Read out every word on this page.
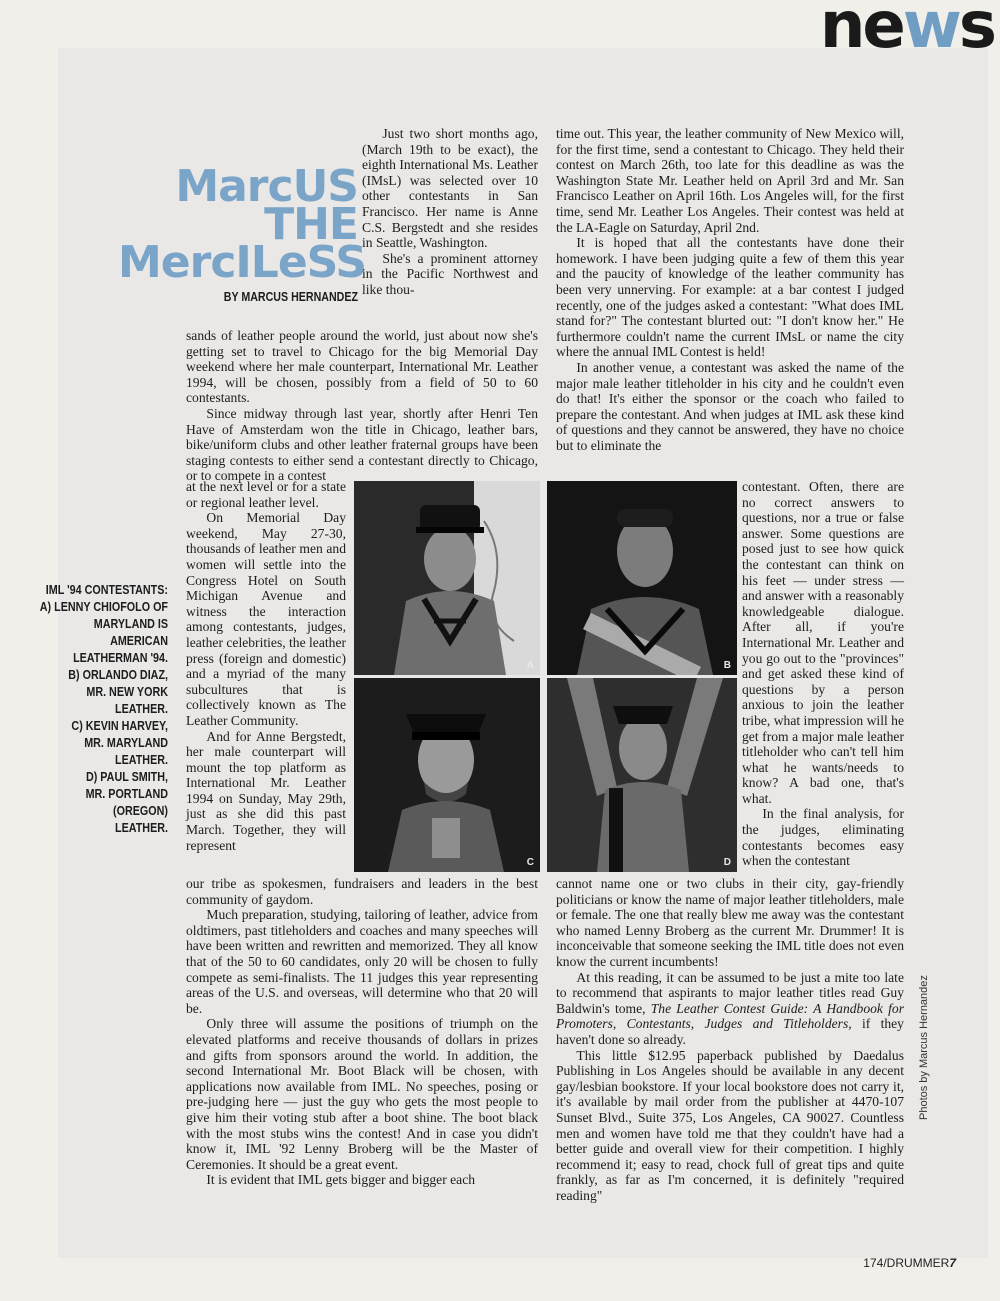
news
MarcUS
THE
MercILeSS
BY MARCUS HERNANDEZ
IML '94 CONTESTANTS:
A) LENNY CHIOFOLO OF
MARYLAND IS AMERICAN
LEATHERMAN '94.
B) ORLANDO DIAZ,
MR. NEW YORK LEATHER.
C) KEVIN HARVEY,
MR. MARYLAND LEATHER.
D) PAUL SMITH,
MR. PORTLAND (OREGON)
LEATHER.

Just two short months ago, (March 19th to be exact), the eighth International Ms. Leather (IMsL) was selected over 10 other contestants in San Francisco. Her name is Anne C.S. Bergstedt and she resides in Seattle, Washington.

She's a prominent attorney in the Pacific Northwest and like thou-

sands of leather people around the world, just about now she's getting set to travel to Chicago for the big Memorial Day weekend where her male counterpart, International Mr. Leather 1994, will be chosen, possibly from a field of 50 to 60 contestants.

Since midway through last year, shortly after Henri Ten Have of Amsterdam won the title in Chicago, leather bars, bike/uniform clubs and other leather fraternal groups have been staging contests to either send a contestant directly to Chicago, or to compete in a contest

at the next level or for a state or regional leather level.

On Memorial Day weekend, May 27-30, thousands of leather men and women will settle into the Congress Hotel on South Michigan Avenue and witness the interaction among contestants, judges, leather celebrities, the leather press (foreign and domestic) and a myriad of the many subcultures that is collectively known as The Leather Community.

And for Anne Bergstedt, her male counterpart will mount the top platform as International Mr. Leather 1994 on Sunday, May 29th, just as she did this past March. Together, they will represent

our tribe as spokesmen, fundraisers and leaders in the best community of gaydom.

Much preparation, studying, tailoring of leather, advice from oldtimers, past titleholders and coaches and many speeches will have been written and rewritten and memorized. They all know that of the 50 to 60 candidates, only 20 will be chosen to fully compete as semi-finalists. The 11 judges this year representing areas of the U.S. and overseas, will determine who that 20 will be.

Only three will assume the positions of triumph on the elevated platforms and receive thousands of dollars in prizes and gifts from sponsors around the world. In addition, the second International Mr. Boot Black will be chosen, with applications now available from IML. No speeches, posing or pre-judging here — just the guy who gets the most people to give him their voting stub after a boot shine. The boot black with the most stubs wins the contest! And in case you didn't know it, IML '92 Lenny Broberg will be the Master of Ceremonies. It should be a great event.

It is evident that IML gets bigger and bigger each

time out. This year, the leather community of New Mexico will, for the first time, send a contestant to Chicago. They held their contest on March 26th, too late for this deadline as was the Washington State Mr. Leather held on April 3rd and Mr. San Francisco Leather on April 16th. Los Angeles will, for the first time, send Mr. Leather Los Angeles. Their contest was held at the LA-Eagle on Saturday, April 2nd.

It is hoped that all the contestants have done their homework. I have been judging quite a few of them this year and the paucity of knowledge of the leather community has been very unnerving. For example: at a bar contest I judged recently, one of the judges asked a contestant: "What does IML stand for?" The contestant blurted out: "I don't know her." He furthermore couldn't name the current IMsL or name the city where the annual IML Contest is held!

In another venue, a contestant was asked the name of the major male leather titleholder in his city and he couldn't even do that! It's either the sponsor or the coach who failed to prepare the contestant. And when judges at IML ask these kind of questions and they cannot be answered, they have no choice but to eliminate the

contestant. Often, there are no correct answers to questions, nor a true or false answer. Some questions are posed just to see how quick the contestant can think on his feet — under stress — and answer with a reasonably knowledgeable dialogue. After all, if you're International Mr. Leather and you go out to the "provinces" and get asked these kind of questions by a person anxious to join the leather tribe, what impression will he get from a major male leather titleholder who can't tell him what he wants/needs to know? A bad one, that's what.

In the final analysis, for the judges, eliminating contestants becomes easy when the contestant

cannot name one or two clubs in their city, gay-friendly politicians or know the name of major leather titleholders, male or female. The one that really blew me away was the contestant who named Lenny Broberg as the current Mr. Drummer! It is inconceivable that someone seeking the IML title does not even know the current incumbents!

At this reading, it can be assumed to be just a mite too late to recommend that aspirants to major leather titles read Guy Baldwin's tome, The Leather Contest Guide: A Handbook for Promoters, Contestants, Judges and Titleholders, if they haven't done so already.

This little $12.95 paperback published by Daedalus Publishing in Los Angeles should be available in any decent gay/lesbian bookstore. If your local bookstore does not carry it, it's available by mail order from the publisher at 4470-107 Sunset Blvd., Suite 375, Los Angeles, CA 90027. Countless men and women have told me that they couldn't have had a better guide and overall view for their competition. I highly recommend it; easy to read, chock full of great tips and quite frankly, as far as I'm concerned, it is definitely "required reading"

A	B
C	D
Photos by Marcus Hernandez
174/DRUMMER7
